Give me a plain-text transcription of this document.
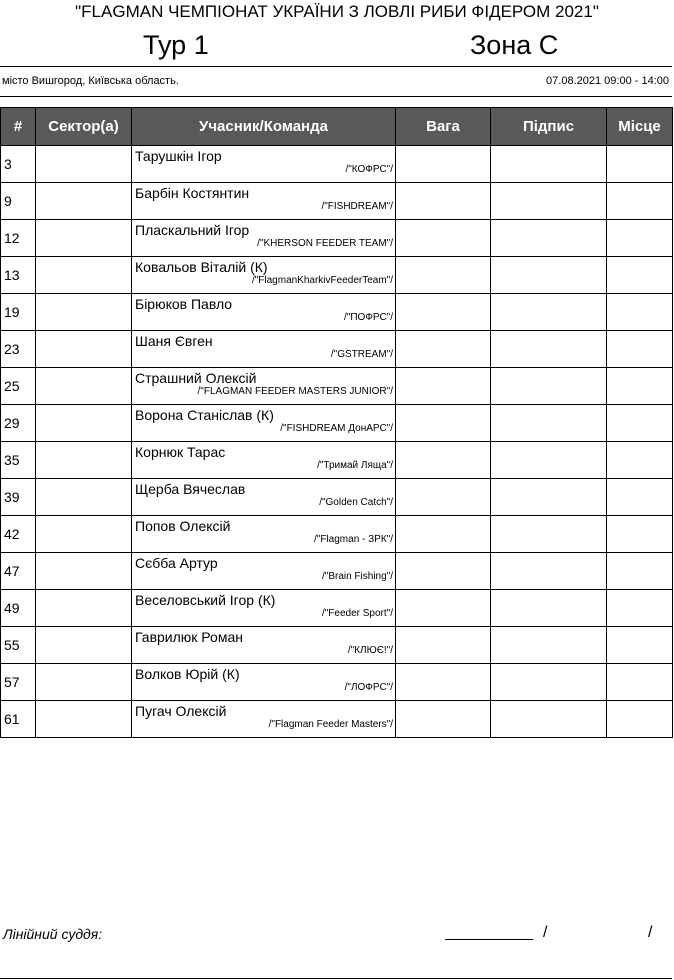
"FLAGMAN ЧЕМПІОНАТ УКРАЇНИ З ЛОВЛІ РИБИ ФІДЕРОМ 2021"
Тур 1	Зона C
місто Вишгород, Київська область.	07.08.2021 09:00 - 14:00
#	Сектор(а)	Учасник/Команда	Вага	Підпис	Місце
3		Тарушкін Ігор
/"КОФРС"/			

9		Барбін Костянтин
/"FISHDREAM"/			

12		Пласкальний Ігор
/"KHERSON FEEDER TEAM"/			

13		Ковальов Віталій (К)
/"FlagmanKharkivFeederTeam"/			

19		Бірюков Павло
/"ПОФРС"/			

23		Шаня Євген
/"GSTREAM"/			

25		Страшний Олексій
/"FLAGMAN FEEDER MASTERS JUNIOR"/			

29		Ворона Станіслав (К)
/"FISHDREAM ДонАРС"/			

35		Корнюк Тарас
/"Тримай Ляща"/			

39		Щерба Вячеслав
/"Golden Catch"/			

42		Попов Олексій
/"Flagman - ЗРК"/			

47		Сєбба Артур
/"Brain Fishing"/			

49		Веселовський Ігор (К)
/"Feeder Sport"/			

55		Гаврилюк Роман
/"КЛЮЄ!"/			

57		Волков Юрій (К)
/"ЛОФРС"/			

61		Пугач Олексій
/"Flagman Feeder Masters"/			

Лінійний суддя:	/	/
